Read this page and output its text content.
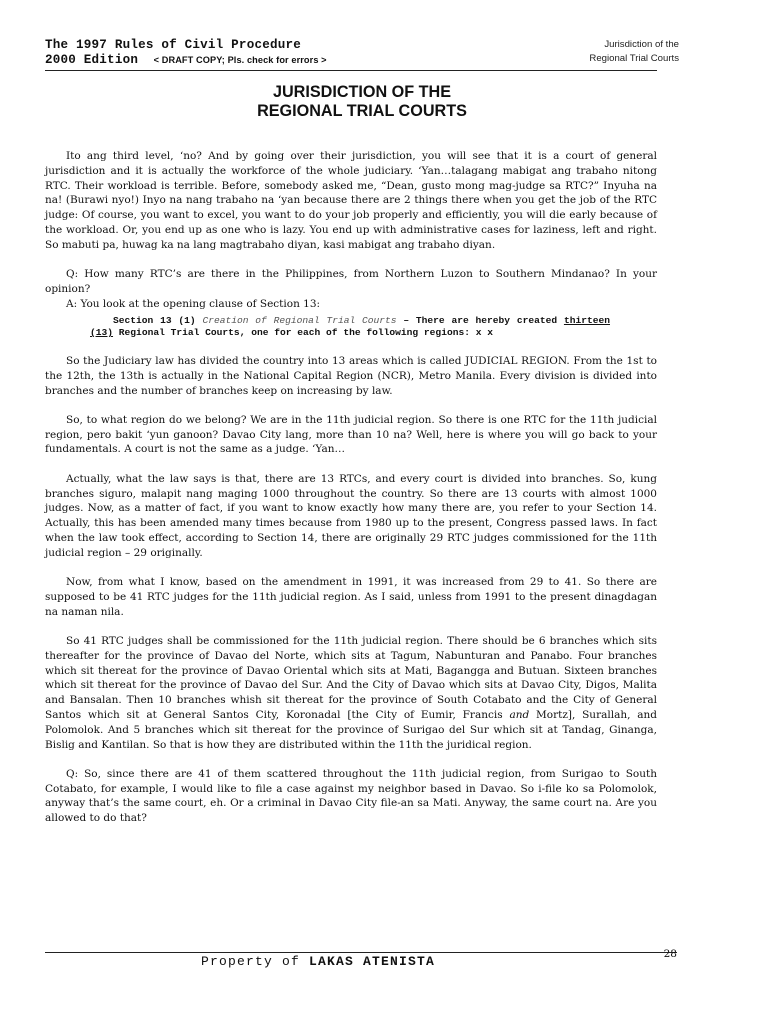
The 1997 Rules of Civil Procedure
2000 Edition < DRAFT COPY; Pls. check for errors >
Jurisdiction of the
Regional Trial Courts
JURISDICTION OF THE
REGIONAL TRIAL COURTS

Ito ang third level, ‘no? And by going over their jurisdiction, you will see that it is a court of general jurisdiction and it is actually the workforce of the whole judiciary. ‘Yan…talagang mabigat ang trabaho nitong RTC. Their workload is terrible. Before, somebody asked me, “Dean, gusto mong mag-judge sa RTC?” Inyuha na na! (Burawi nyo!) Inyo na nang trabaho na ‘yan because there are 2 things there when you get the job of the RTC judge: Of course, you want to excel, you want to do your job properly and efficiently, you will die early because of the workload. Or, you end up as one who is lazy. You end up with administrative cases for laziness, left and right. So mabuti pa, huwag ka na lang magtrabaho diyan, kasi mabigat ang trabaho diyan.

Q: How many RTC’s are there in the Philippines, from Northern Luzon to Southern Mindanao? In your opinion?

A: You look at the opening clause of Section 13:

Section 13 (1) Creation of Regional Trial Courts – There are hereby created thirteen (13) Regional Trial Courts, one for each of the following regions: x x

So the Judiciary law has divided the country into 13 areas which is called JUDICIAL REGION. From the 1st to the 12th, the 13th is actually in the National Capital Region (NCR), Metro Manila. Every division is divided into branches and the number of branches keep on increasing by law.

So, to what region do we belong? We are in the 11th judicial region. So there is one RTC for the 11th judicial region, pero bakit ‘yun ganoon? Davao City lang, more than 10 na? Well, here is where you will go back to your fundamentals. A court is not the same as a judge. ‘Yan…

Actually, what the law says is that, there are 13 RTCs, and every court is divided into branches. So, kung branches siguro, malapit nang maging 1000 throughout the country. So there are 13 courts with almost 1000 judges. Now, as a matter of fact, if you want to know exactly how many there are, you refer to your Section 14. Actually, this has been amended many times because from 1980 up to the present, Congress passed laws. In fact when the law took effect, according to Section 14, there are originally 29 RTC judges commissioned for the 11th judicial region – 29 originally.

Now, from what I know, based on the amendment in 1991, it was increased from 29 to 41. So there are supposed to be 41 RTC judges for the 11th judicial region. As I said, unless from 1991 to the present dinagdagan na naman nila.

So 41 RTC judges shall be commissioned for the 11th judicial region. There should be 6 branches which sits thereafter for the province of Davao del Norte, which sits at Tagum, Nabunturan and Panabo. Four branches which sit thereat for the province of Davao Oriental which sits at Mati, Bagangga and Butuan. Sixteen branches which sit thereat for the province of Davao del Sur. And the City of Davao which sits at Davao City, Digos, Malita and Bansalan. Then 10 branches whish sit thereat for the province of South Cotabato and the City of General Santos which sit at General Santos City, Koronadal [the City of Eumir, Francis and Mortz], Surallah, and Polomolok. And 5 branches which sit thereat for the province of Surigao del Sur which sit at Tandag, Ginanga, Bislig and Kantilan. So that is how they are distributed within the 11th the juridical region.

Q: So, since there are 41 of them scattered throughout the 11th judicial region, from Surigao to South Cotabato, for example, I would like to file a case against my neighbor based in Davao. So i-file ko sa Polomolok, anyway that’s the same court, eh. Or a criminal in Davao City file-an sa Mati. Anyway, the same court na. Are you allowed to do that?

Property of LAKAS ATENISTA	28
